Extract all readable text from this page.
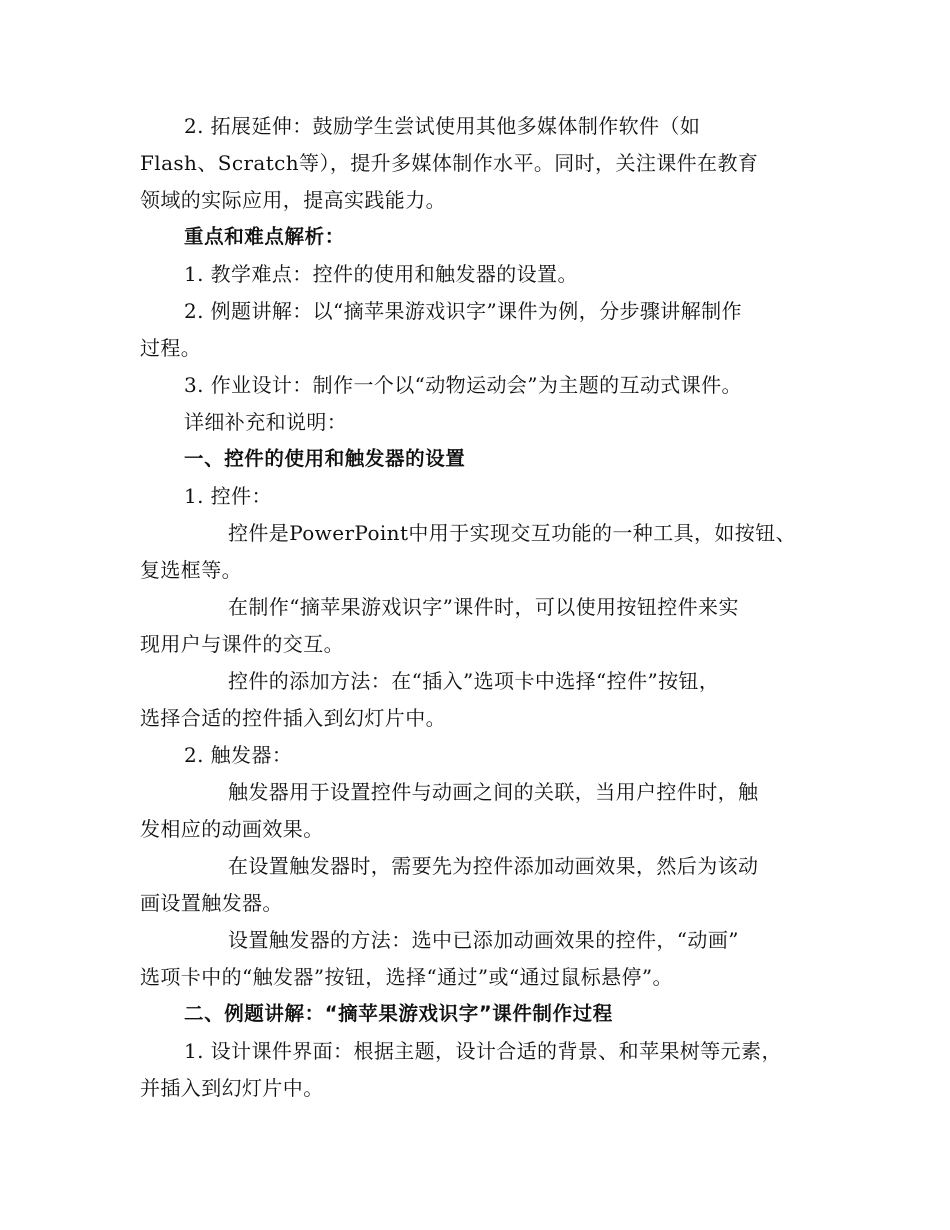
2. 拓展延伸：鼓励学生尝试使用其他多媒体制作软件（如
Flash、Scratch等），提升多媒体制作水平。同时，关注课件在教育
领域的实际应用，提高实践能力。
重点和难点解析：
1. 教学难点：控件的使用和触发器的设置。
2. 例题讲解：以“摘苹果游戏识字”课件为例，分步骤讲解制作
过程。
3. 作业设计：制作一个以“动物运动会”为主题的互动式课件。
详细补充和说明：
一、控件的使用和触发器的设置
1. 控件：
控件是PowerPoint中用于实现交互功能的一种工具，如按钮、
复选框等。
在制作“摘苹果游戏识字”课件时，可以使用按钮控件来实
现用户与课件的交互。
控件的添加方法：在“插入”选项卡中选择“控件”按钮，
选择合适的控件插入到幻灯片中。
2. 触发器：
触发器用于设置控件与动画之间的关联，当用户控件时，触
发相应的动画效果。
在设置触发器时，需要先为控件添加动画效果，然后为该动
画设置触发器。
设置触发器的方法：选中已添加动画效果的控件，“动画”
选项卡中的“触发器”按钮，选择“通过”或“通过鼠标悬停”。
二、例题讲解：“摘苹果游戏识字”课件制作过程
1. 设计课件界面：根据主题，设计合适的背景、和苹果树等元素，
并插入到幻灯片中。
